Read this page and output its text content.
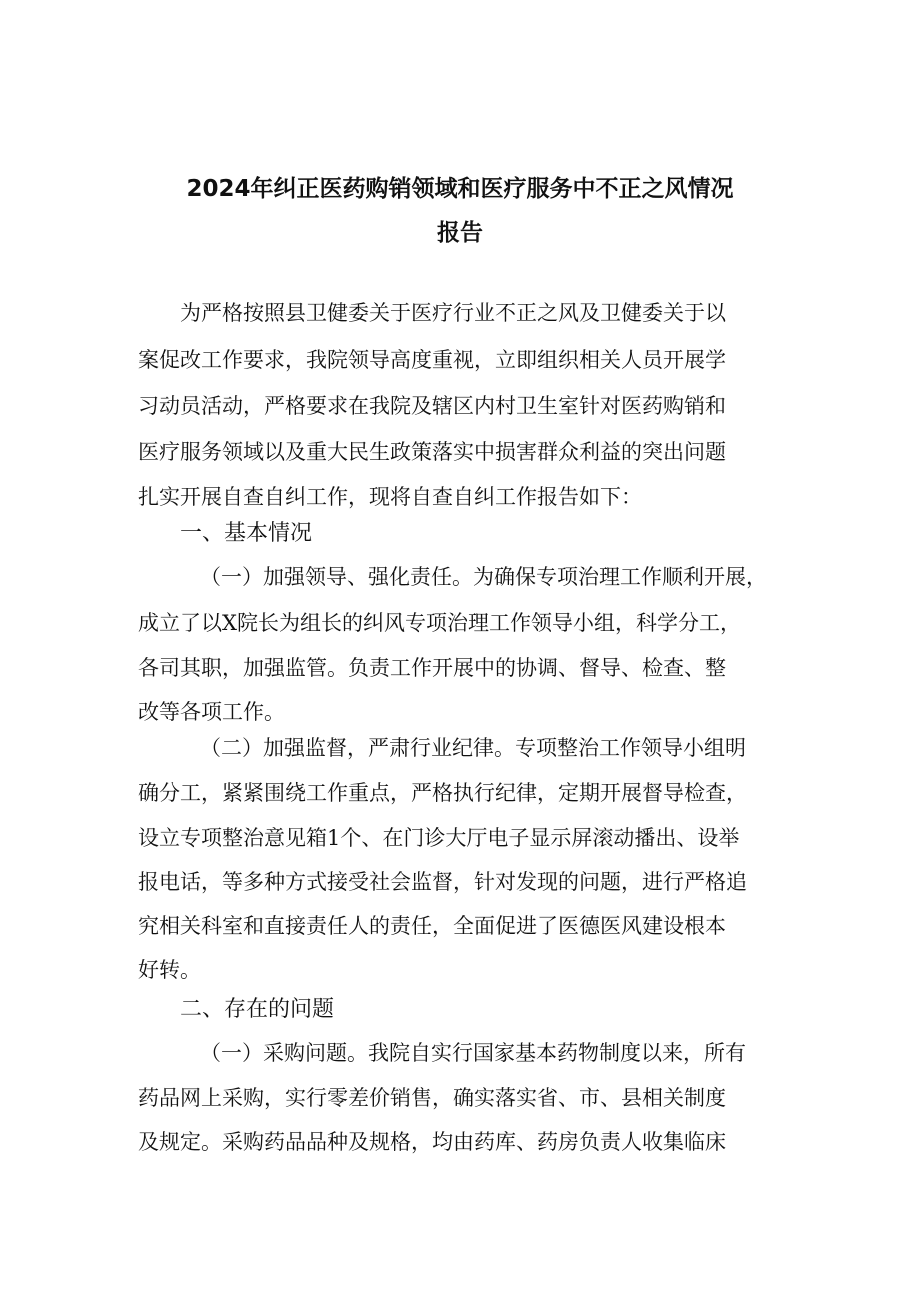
2024年纠正医药购销领域和医疗服务中不正之风情况
报告
为严格按照县卫健委关于医疗行业不正之风及卫健委关于以
案促改工作要求，我院领导高度重视，立即组织相关人员开展学
习动员活动，严格要求在我院及辖区内村卫生室针对医药购销和
医疗服务领域以及重大民生政策落实中损害群众利益的突出问题
扎实开展自查自纠工作，现将自查自纠工作报告如下：
一、基本情况
（一）加强领导、强化责任。为确保专项治理工作顺利开展，
成立了以X院长为组长的纠风专项治理工作领导小组，科学分工，
各司其职，加强监管。负责工作开展中的协调、督导、检查、整
改等各项工作。
（二）加强监督，严肃行业纪律。专项整治工作领导小组明
确分工，紧紧围绕工作重点，严格执行纪律，定期开展督导检查，
设立专项整治意见箱1个、在门诊大厅电子显示屏滚动播出、设举
报电话，等多种方式接受社会监督，针对发现的问题，进行严格追
究相关科室和直接责任人的责任，全面促进了医德医风建设根本
好转。
二、存在的问题
（一）采购问题。我院自实行国家基本药物制度以来，所有
药品网上采购，实行零差价销售，确实落实省、市、县相关制度
及规定。采购药品品种及规格，均由药库、药房负责人收集临床
